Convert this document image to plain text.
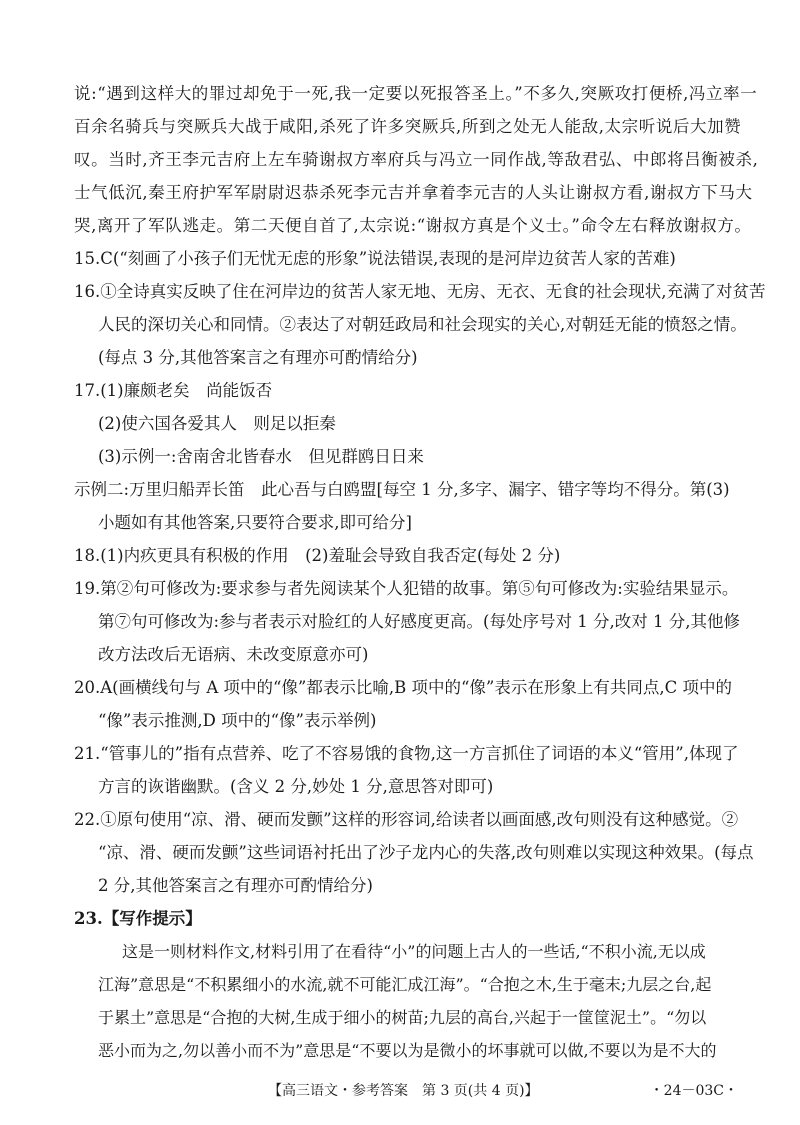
说:“遇到这样大的罪过却免于一死,我一定要以死报答圣上。”不多久,突厥攻打便桥,冯立率一
百余名骑兵与突厥兵大战于咸阳,杀死了许多突厥兵,所到之处无人能敌,太宗听说后大加赞
叹。当时,齐王李元吉府上左车骑谢叔方率府兵与冯立一同作战,等敌君弘、中郎将吕衡被杀,
士气低沉,秦王府护军军尉尉迟恭杀死李元吉并拿着李元吉的人头让谢叔方看,谢叔方下马大
哭,离开了军队逃走。第二天便自首了,太宗说:“谢叔方真是个义士。”命令左右释放谢叔方。
15.C(“刻画了小孩子们无忧无虑的形象”说法错误,表现的是河岸边贫苦人家的苦难)
16.①全诗真实反映了住在河岸边的贫苦人家无地、无房、无衣、无食的社会现状,充满了对贫苦
人民的深切关心和同情。②表达了对朝廷政局和社会现实的关心,对朝廷无能的愤怒之情。
(每点 3 分,其他答案言之有理亦可酌情给分)
17.(1)廉颇老矣　尚能饭否
(2)使六国各爱其人　则足以拒秦
(3)示例一:舍南舍北皆春水　但见群鸥日日来
示例二:万里归船弄长笛　此心吾与白鸥盟[每空 1 分,多字、漏字、错字等均不得分。第(3)
小题如有其他答案,只要符合要求,即可给分]
18.(1)内疚更具有积极的作用　(2)羞耻会导致自我否定(每处 2 分)
19.第②句可修改为:要求参与者先阅读某个人犯错的故事。第⑤句可修改为:实验结果显示。
第⑦句可修改为:参与者表示对脸红的人好感度更高。(每处序号对 1 分,改对 1 分,其他修
改方法改后无语病、未改变原意亦可)
20.A(画横线句与 A 项中的“像”都表示比喻,B 项中的“像”表示在形象上有共同点,C 项中的
“像”表示推测,D 项中的“像”表示举例)
21.“管事儿的”指有点营养、吃了不容易饿的食物,这一方言抓住了词语的本义“管用”,体现了
方言的诙谐幽默。(含义 2 分,妙处 1 分,意思答对即可)
22.①原句使用“凉、滑、硬而发颤”这样的形容词,给读者以画面感,改句则没有这种感觉。②
“凉、滑、硬而发颤”这些词语衬托出了沙子龙内心的失落,改句则难以实现这种效果。(每点
2 分,其他答案言之有理亦可酌情给分)
23.【写作提示】
这是一则材料作文,材料引用了在看待“小”的问题上古人的一些话,“不积小流,无以成
江海”意思是“不积累细小的水流,就不可能汇成江海”。“合抱之木,生于毫末;九层之台,起
于累土”意思是“合抱的大树,生成于细小的树苗;九层的高台,兴起于一筐筐泥土”。“勿以
恶小而为之,勿以善小而不为”意思是“不要以为是微小的坏事就可以做,不要以为是不大的
【高三语文・参考答案　第 3 页(共 4 页)】	・24－03C・
